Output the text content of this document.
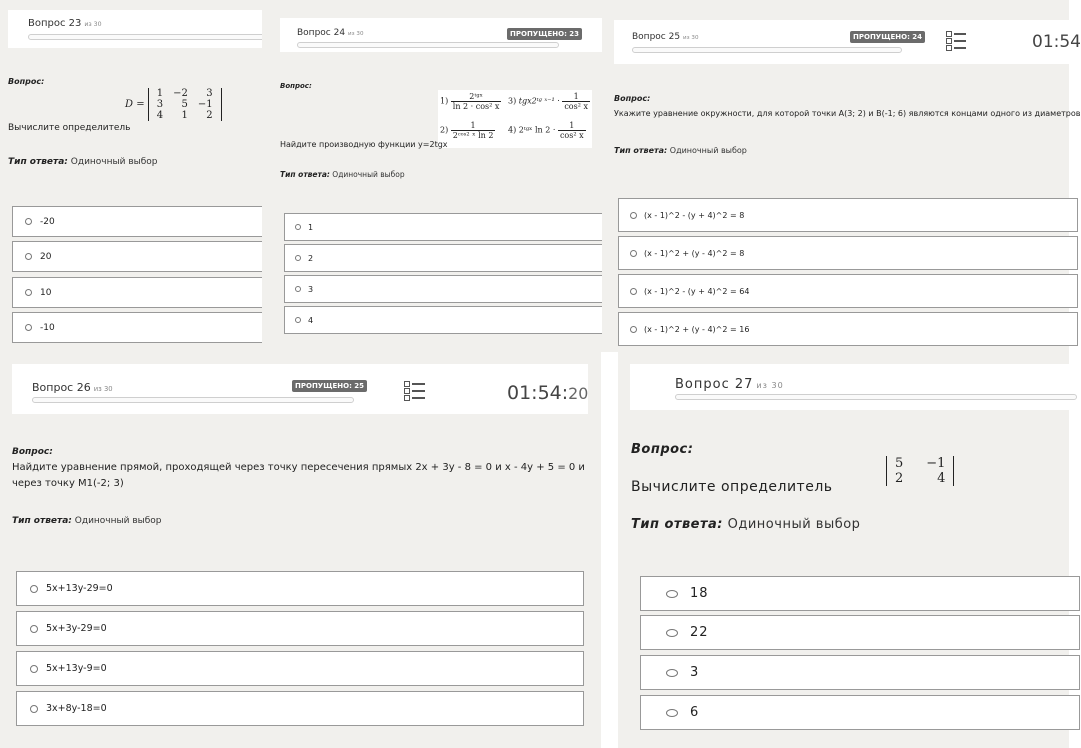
Вопрос 23 из 30
Вопрос:
D =
1	−2	3
3	5	−1
4	1	2
Вычислите определитель
Тип ответа: Одиночный выбор
-20
20
10
-10
Вопрос 24 из 30	ПРОПУЩЕНО: 23
Вопрос:
$1) \frac{\text{2ᵗᵍˣ}}{\text{ln 2 · cos² x}} 3$) tgx2ᵗᵍ ˣ⁻¹ · $\frac{1}{\text{cos² x}}$
$2) \frac{1}{\text{2ᶜᵒˢ² ˣ ln 2}} 4$) 2ᵗᵍˣ $\ln 2 \cdot \frac{1}{\text{cos² x}}$
Найдите производную функции y=2tgx
Тип ответа: Одиночный выбор
1
2
3
4
Вопрос 25 из 30	ПРОПУЩЕНО: 24	01:54
Вопрос:
Укажите уравнение окружности, для которой точки A(3; 2) и B(-1; 6) являются концами одного из диаметров
Тип ответа: Одиночный выбор
(x - 1)^2 - (y + 4)^2 = 8
(x - 1)^2 + (y - 4)^2 = 8
(x - 1)^2 - (y + 4)^2 = 64
(x - 1)^2 + (y - 4)^2 = 16
Вопрос 26 из 30	ПРОПУЩЕНО: 25	01:54:20
Вопрос:
Найдите уравнение прямой, проходящей через точку пересечения прямых 2x + 3y - 8 = 0 и x - 4y + 5 = 0 и через точку M1(-2; 3)
Тип ответа: Одиночный выбор
5x+13y-29=0
5x+3y-29=0
5x+13y-9=0
3x+8y-18=0
Вопрос 27 из 30
Вопрос:
Вычислите определитель
5	−1
2	4
Тип ответа: Одиночный выбор
18
22
3
6
